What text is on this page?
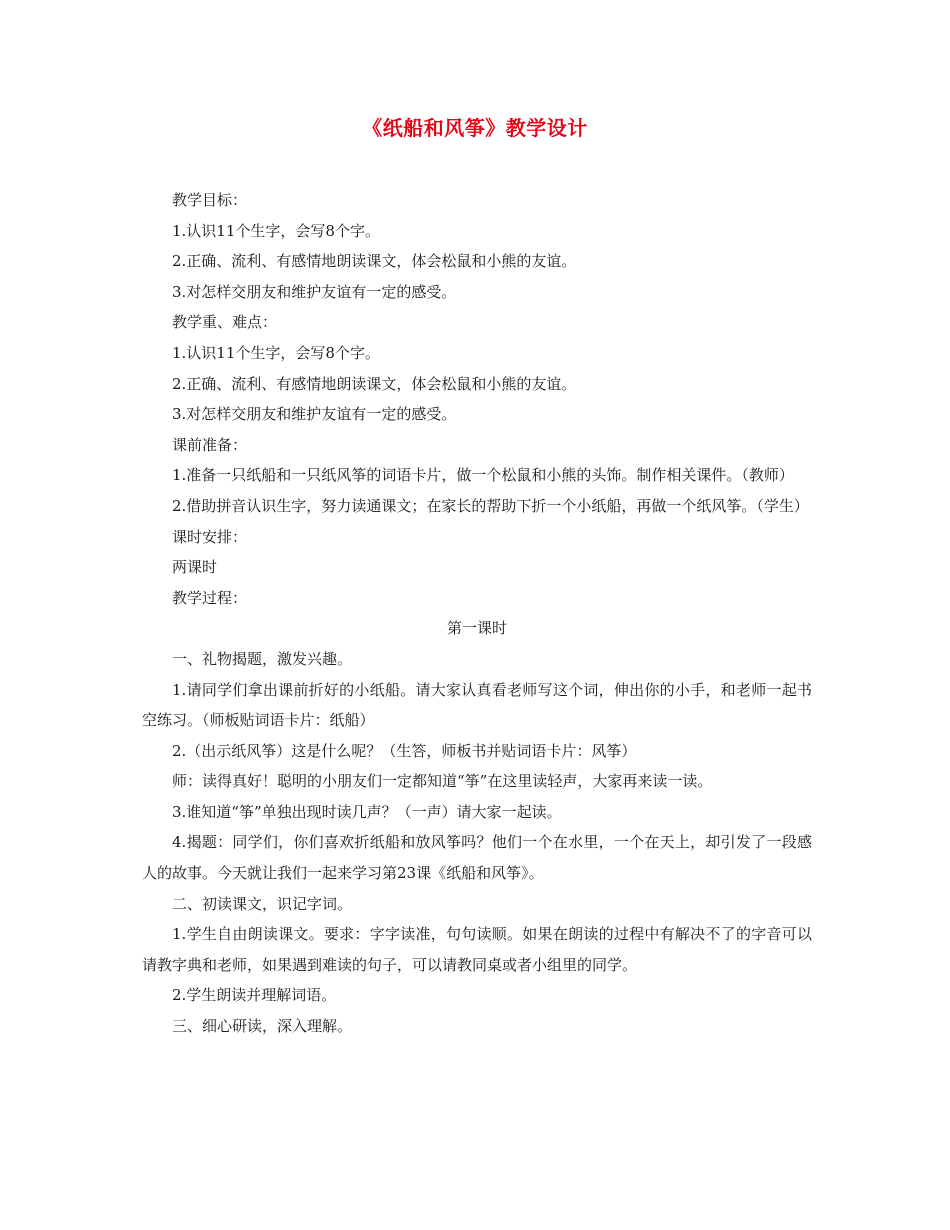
《纸船和风筝》教学设计

教学目标：

1.认识11个生字，会写8个字。

2.正确、流利、有感情地朗读课文，体会松鼠和小熊的友谊。

3.对怎样交朋友和维护友谊有一定的感受。

教学重、难点：

1.认识11个生字，会写8个字。

2.正确、流利、有感情地朗读课文，体会松鼠和小熊的友谊。

3.对怎样交朋友和维护友谊有一定的感受。

课前准备：

1.准备一只纸船和一只纸风筝的词语卡片，做一个松鼠和小熊的头饰。制作相关课件。（教师）

2.借助拼音认识生字，努力读通课文；在家长的帮助下折一个小纸船，再做一个纸风筝。（学生）

课时安排：

两课时

教学过程：

第一课时

一、礼物揭题，激发兴趣。

1.请同学们拿出课前折好的小纸船。请大家认真看老师写这个词，伸出你的小手，和老师一起书空练习。（师板贴词语卡片：纸船）

2.（出示纸风筝）这是什么呢？（生答，师板书并贴词语卡片：风筝）

师：读得真好！聪明的小朋友们一定都知道“筝”在这里读轻声，大家再来读一读。

3.谁知道“筝”单独出现时读几声？（一声）请大家一起读。

4.揭题：同学们，你们喜欢折纸船和放风筝吗？他们一个在水里，一个在天上，却引发了一段感人的故事。今天就让我们一起来学习第23课《纸船和风筝》。

二、初读课文，识记字词。

1.学生自由朗读课文。要求：字字读准，句句读顺。如果在朗读的过程中有解决不了的字音可以请教字典和老师，如果遇到难读的句子，可以请教同桌或者小组里的同学。

2.学生朗读并理解词语。

三、细心研读，深入理解。
